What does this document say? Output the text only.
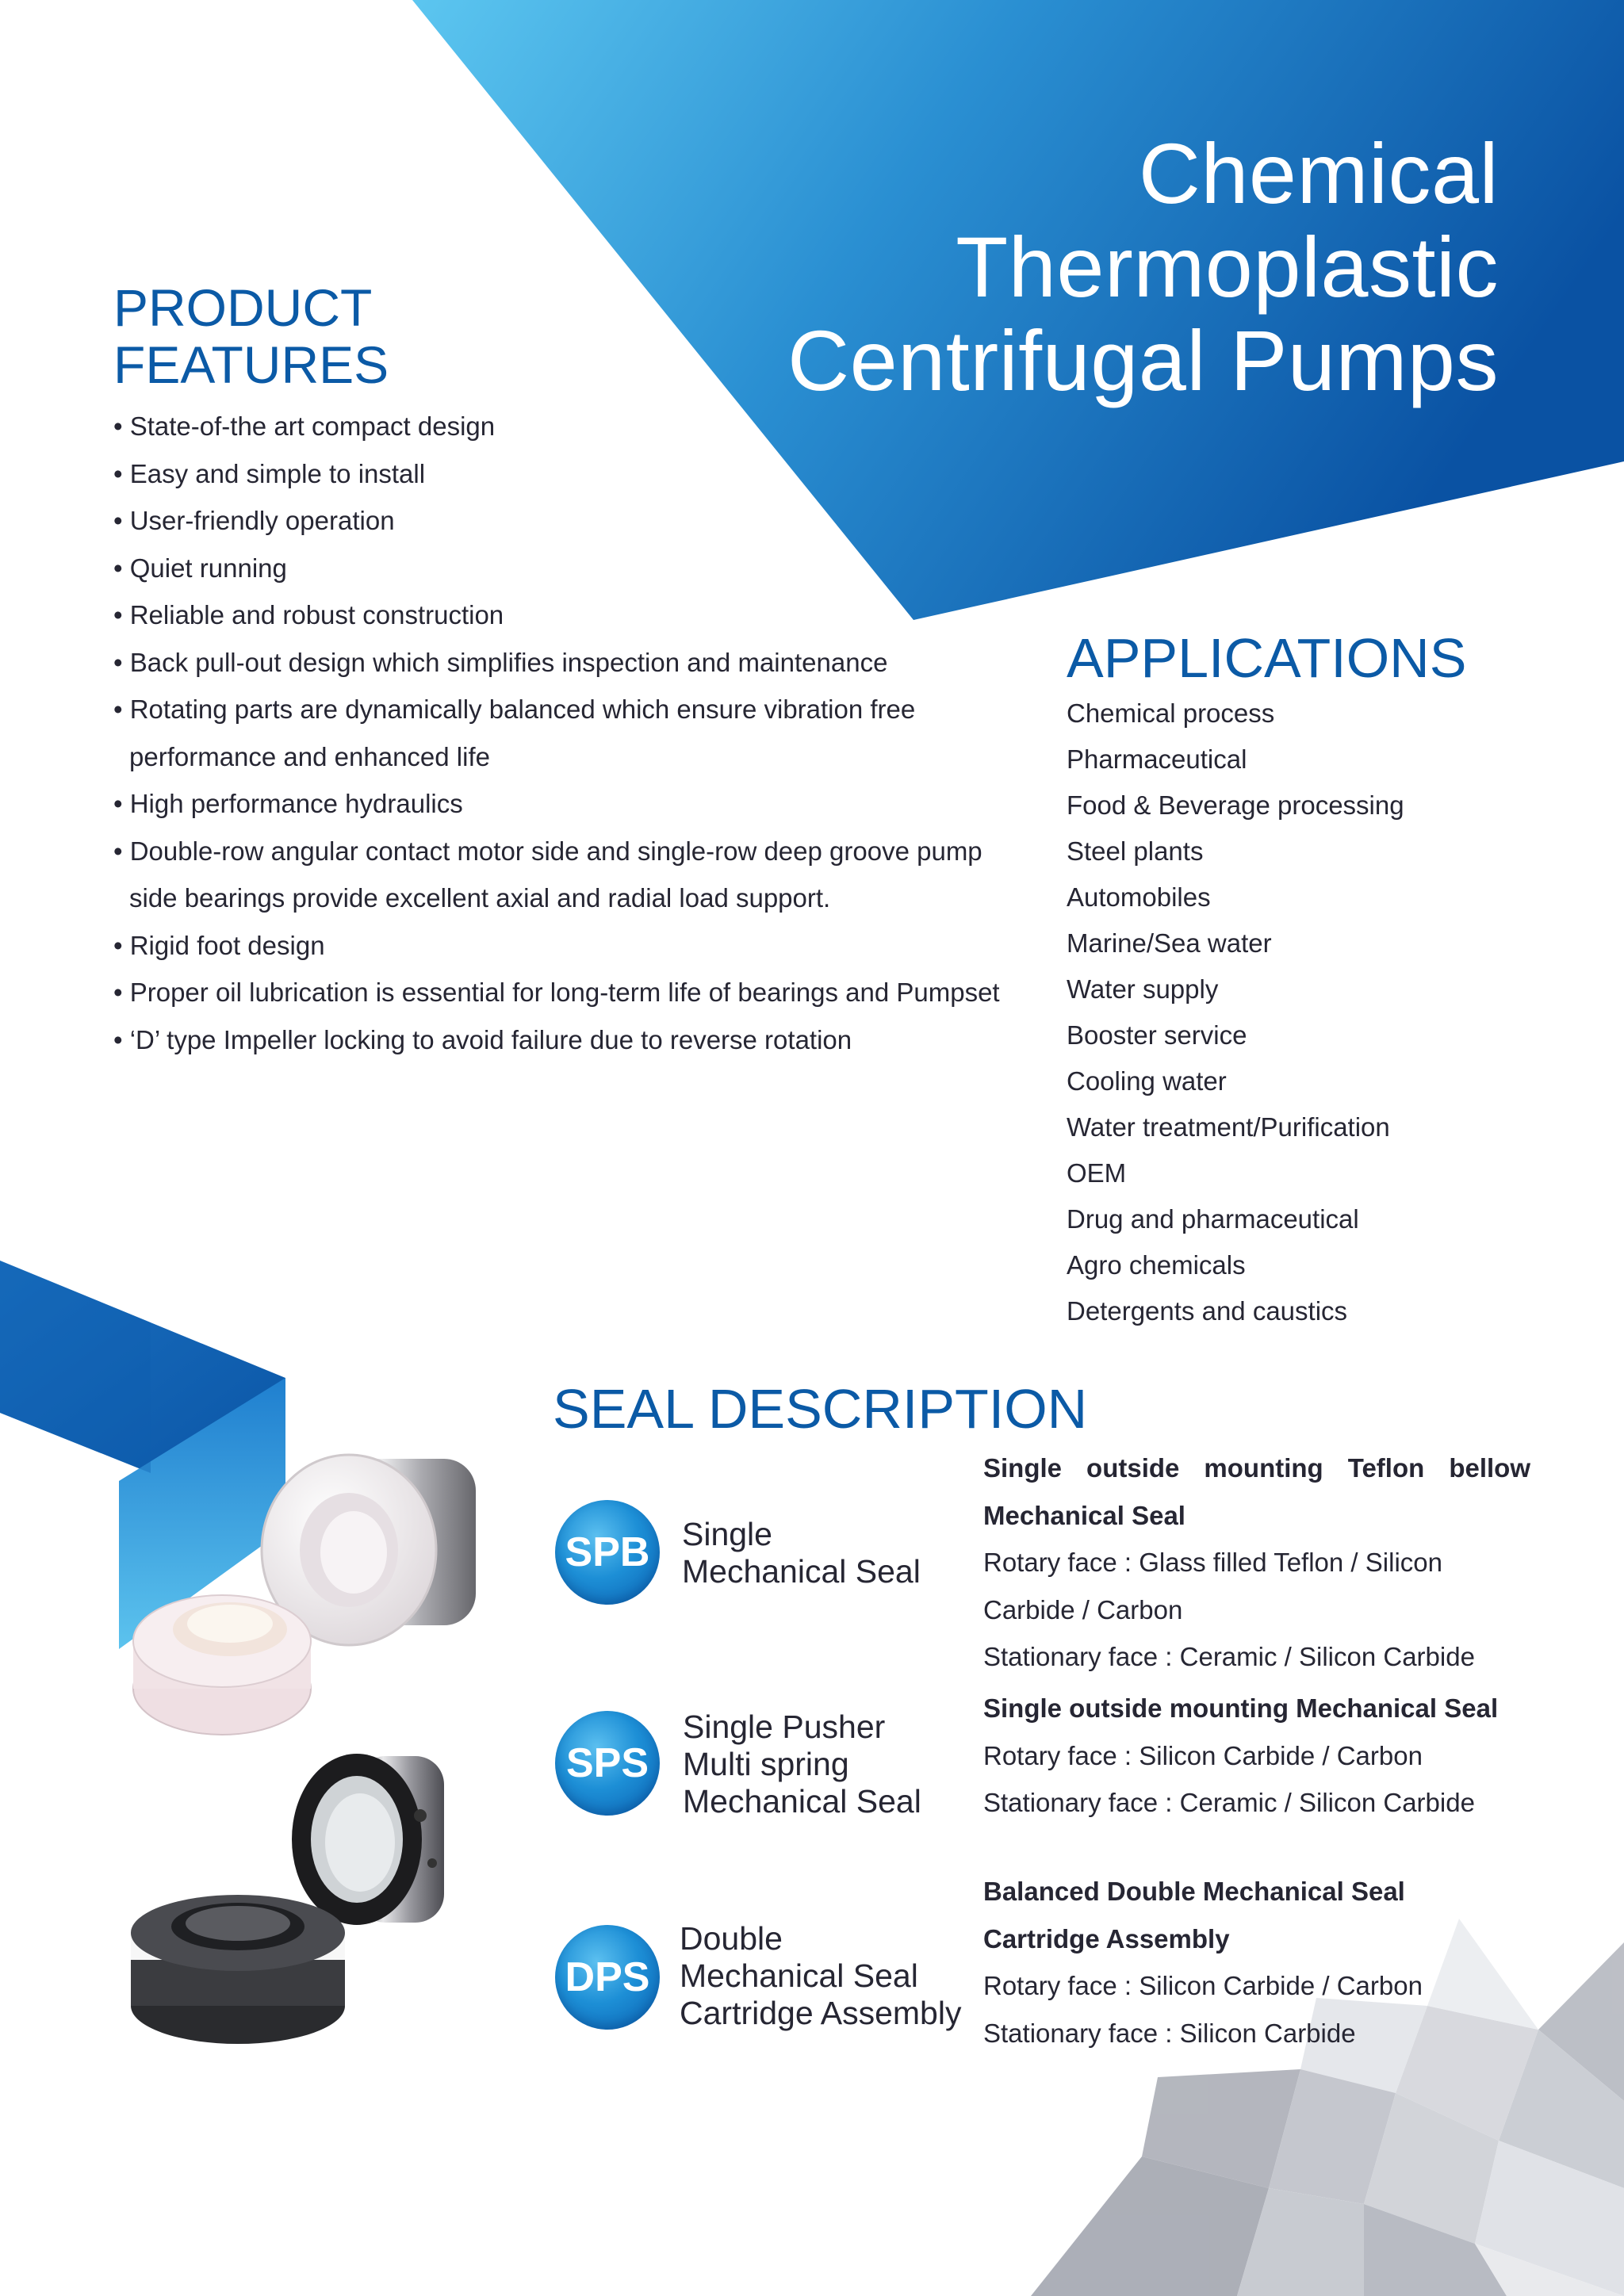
Chemical
Thermoplastic
Centrifugal Pumps
PRODUCT
FEATURES
• State-of-the art compact design
• Easy and simple to install
• User-friendly operation
• Quiet running
• Reliable and robust construction
• Back pull-out design which simplifies inspection and maintenance
• Rotating parts are dynamically balanced which ensure vibration free
performance and enhanced life
• High performance hydraulics
• Double-row angular contact motor side and single-row deep groove pump
side bearings provide excellent axial and radial load support.
• Rigid foot design
• Proper oil lubrication is essential for long-term life of bearings and Pumpset
• ‘D’ type Impeller locking to avoid failure due to reverse rotation
APPLICATIONS
Chemical process
Pharmaceutical
Food & Beverage processing
Steel plants
Automobiles
Marine/Sea water
Water supply
Booster service
Cooling water
Water treatment/Purification
OEM
Drug and pharmaceutical
Agro chemicals
Detergents and caustics
SEAL DESCRIPTION
SPB Single
Mechanical Seal
Single outside mounting Teflon bellow
Mechanical Seal
Rotary face : Glass filled Teflon / Silicon
Carbide / Carbon
Stationary face : Ceramic / Silicon Carbide
SPS
Single Pusher
Multi spring
Mechanical Seal
Single outside mounting Mechanical Seal
Rotary face : Silicon Carbide / Carbon
Stationary face : Ceramic / Silicon Carbide
DPS
Double
Mechanical Seal
Cartridge Assembly
Balanced Double Mechanical Seal
Cartridge Assembly
Rotary face : Silicon Carbide / Carbon
Stationary face : Silicon Carbide
